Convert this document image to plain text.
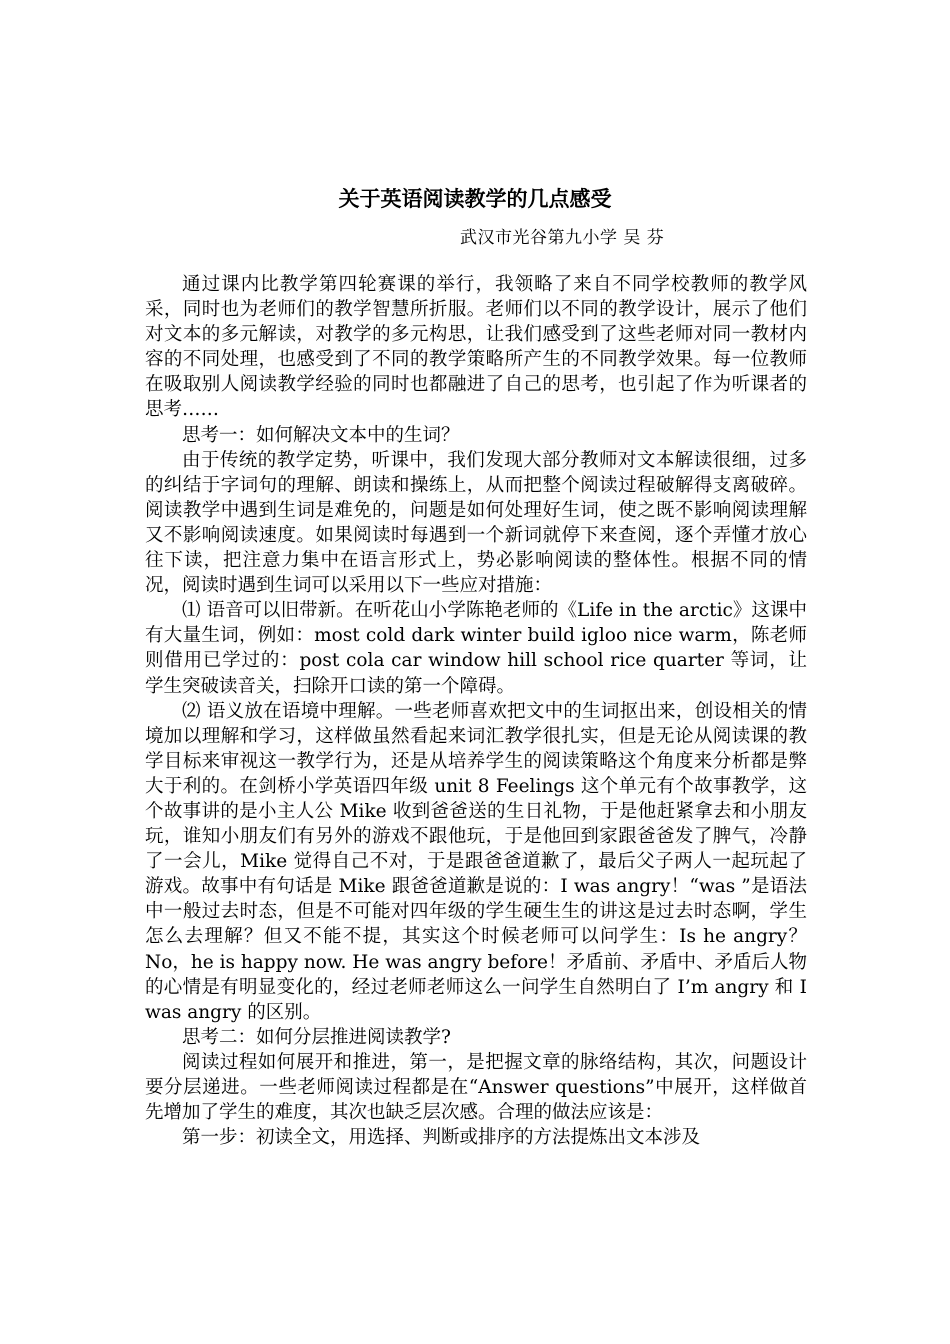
关于英语阅读教学的几点感受
武汉市光谷第九小学 吴 芬

通过课内比教学第四轮赛课的举行，我领略了来自不同学校教师的教学风采，同时也为老师们的教学智慧所折服。老师们以不同的教学设计，展示了他们对文本的多元解读，对教学的多元构思，让我们感受到了这些老师对同一教材内容的不同处理，也感受到了不同的教学策略所产生的不同教学效果。每一位教师在吸取别人阅读教学经验的同时也都融进了自己的思考，也引起了作为听课者的思考……

思考一：如何解决文本中的生词？

由于传统的教学定势，听课中，我们发现大部分教师对文本解读很细，过多的纠结于字词句的理解、朗读和操练上，从而把整个阅读过程破解得支离破碎。阅读教学中遇到生词是难免的，问题是如何处理好生词，使之既不影响阅读理解又不影响阅读速度。如果阅读时每遇到一个新词就停下来查阅，逐个弄懂才放心往下读，把注意力集中在语言形式上，势必影响阅读的整体性。根据不同的情况，阅读时遇到生词可以采用以下一些应对措施：

⑴ 语音可以旧带新。在听花山小学陈艳老师的《Life in the arctic》这课中有大量生词，例如：most cold dark winter build igloo nice warm，陈老师则借用已学过的：post cola car window hill school rice quarter 等词，让学生突破读音关，扫除开口读的第一个障碍。

⑵ 语义放在语境中理解。一些老师喜欢把文中的生词抠出来，创设相关的情境加以理解和学习，这样做虽然看起来词汇教学很扎实，但是无论从阅读课的教学目标来审视这一教学行为，还是从培养学生的阅读策略这个角度来分析都是弊大于利的。在剑桥小学英语四年级 unit 8 Feelings 这个单元有个故事教学，这个故事讲的是小主人公 Mike 收到爸爸送的生日礼物，于是他赶紧拿去和小朋友玩，谁知小朋友们有另外的游戏不跟他玩，于是他回到家跟爸爸发了脾气，冷静了一会儿，Mike 觉得自己不对，于是跟爸爸道歉了，最后父子两人一起玩起了游戏。故事中有句话是 Mike 跟爸爸道歉是说的：I was angry！“was ”是语法中一般过去时态，但是不可能对四年级的学生硬生生的讲这是过去时态啊，学生怎么去理解？但又不能不提，其实这个时候老师可以问学生：Is he angry？No，he is happy now. He was angry before！矛盾前、矛盾中、矛盾后人物的心情是有明显变化的，经过老师老师这么一问学生自然明白了 I’m angry 和 I was angry 的区别。

思考二：如何分层推进阅读教学?

阅读过程如何展开和推进，第一，是把握文章的脉络结构，其次，问题设计要分层递进。一些老师阅读过程都是在“Answer questions”中展开，这样做首先增加了学生的难度，其次也缺乏层次感。合理的做法应该是：

第一步：初读全文，用选择、判断或排序的方法提炼出文本涉及
